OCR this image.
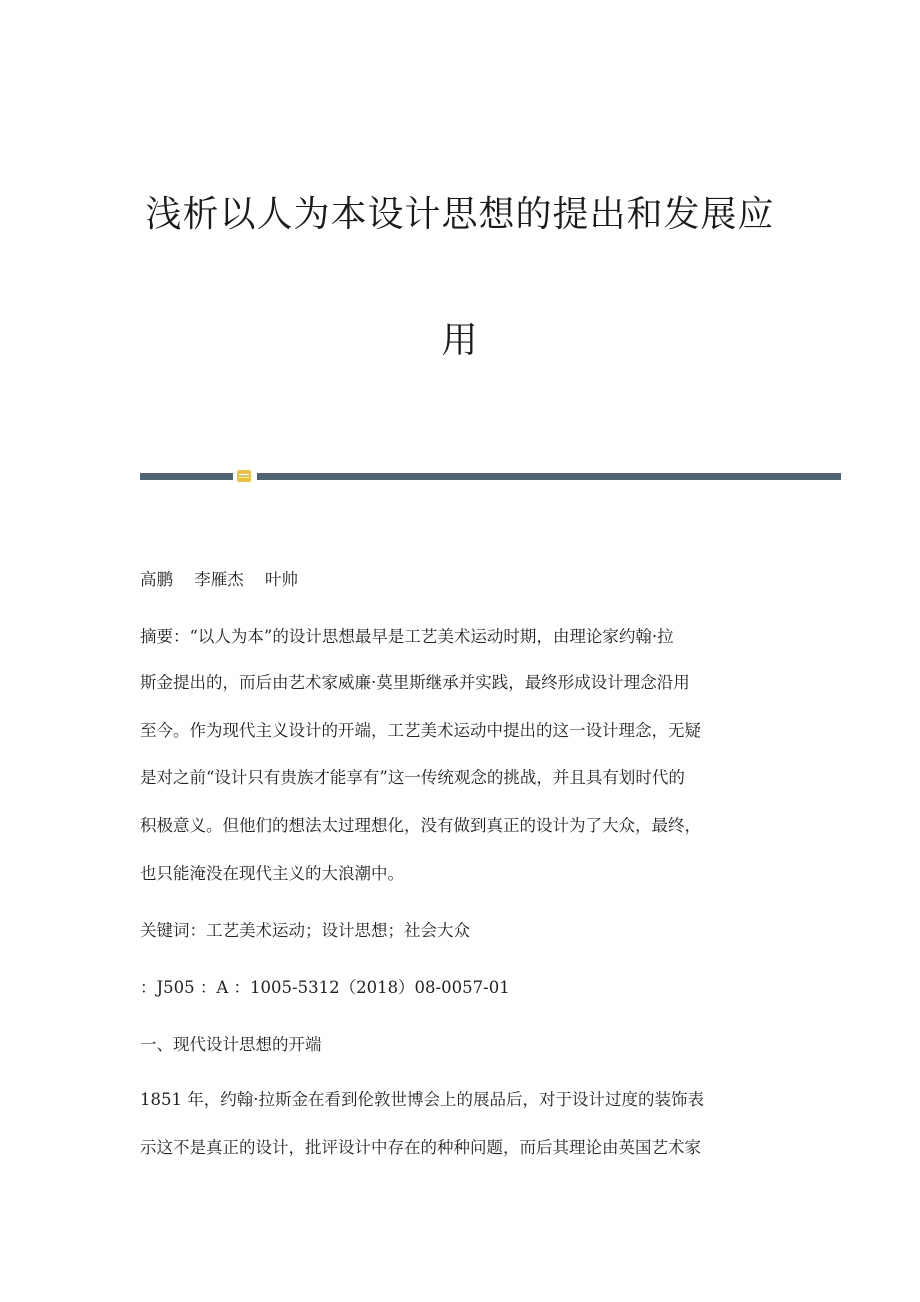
浅析以人为本设计思想的提出和发展应
用
高鹏 李雁杰 叶帅
摘要：“以人为本”的设计思想最早是工艺美术运动时期，由理论家约翰·拉
斯金提出的，而后由艺术家威廉·莫里斯继承并实践，最终形成设计理念沿用
至今。作为现代主义设计的开端，工艺美术运动中提出的这一设计理念，无疑
是对之前“设计只有贵族才能享有”这一传统观念的挑战，并且具有划时代的
积极意义。但他们的想法太过理想化，没有做到真正的设计为了大众，最终，
也只能淹没在现代主义的大浪潮中。
关键词：工艺美术运动；设计思想；社会大众
：J505 ：A ：1005-5312（2018）08-0057-01
一、现代设计思想的开端
1851 年，约翰·拉斯金在看到伦敦世博会上的展品后，对于设计过度的装饰表
示这不是真正的设计，批评设计中存在的种种问题，而后其理论由英国艺术家
